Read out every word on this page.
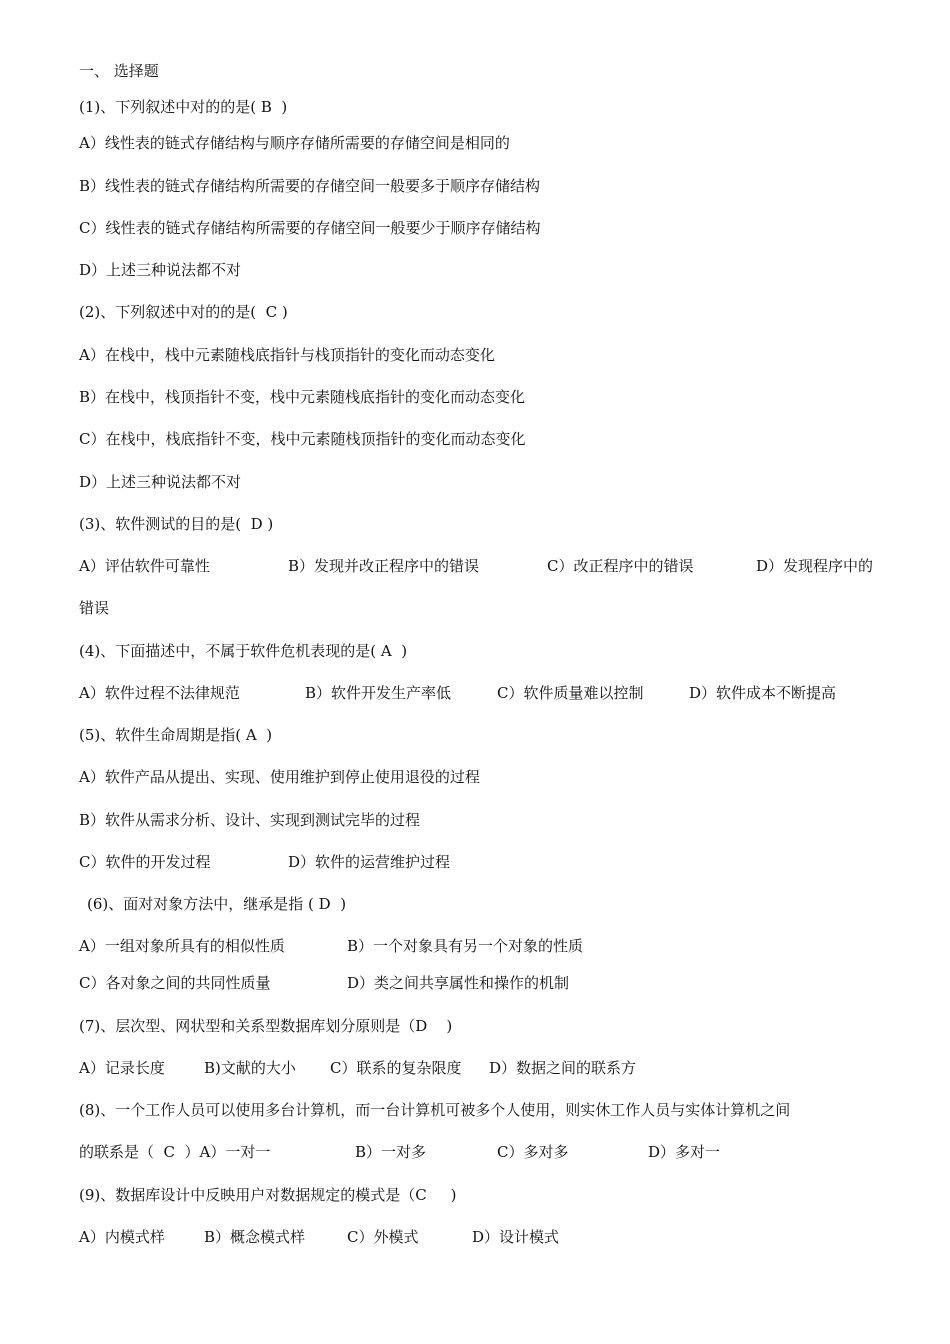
一、 选择题
(1)、下列叙述中对的的是( B  )
A）线性表的链式存储结构与顺序存储所需要的存储空间是相同的
B）线性表的链式存储结构所需要的存储空间一般要多于顺序存储结构
C）线性表的链式存储结构所需要的存储空间一般要少于顺序存储结构
D）上述三种说法都不对
(2)、下列叙述中对的的是(  C )
A）在栈中，栈中元素随栈底指针与栈顶指针的变化而动态变化
B）在栈中，栈顶指针不变，栈中元素随栈底指针的变化而动态变化
C）在栈中，栈底指针不变，栈中元素随栈顶指针的变化而动态变化
D）上述三种说法都不对
(3)、软件测试的目的是(  D )
A）评估软件可靠性	B）发现并改正程序中的错误	C）改正程序中的错误	D）发现程序中的
错误
(4)、下面描述中，不属于软件危机表现的是( A  )
A）软件过程不法律规范	B）软件开发生产率低	C）软件质量难以控制	D）软件成本不断提高
(5)、软件生命周期是指( A  )
A）软件产品从提出、实现、使用维护到停止使用退役的过程
B）软件从需求分析、设计、实现到测试完毕的过程
C）软件的开发过程	D）软件的运营维护过程
(6)、面对对象方法中，继承是指 ( D  )
A）一组对象所具有的相似性质	B）一个对象具有另一个对象的性质
C）各对象之间的共同性质量	D）类之间共享属性和操作的机制
(7)、层次型、网状型和关系型数据库划分原则是（D    )
A）记录长度	B)文献的大小 C）联系的复杂限度 D）数据之间的联系方
(8)、一个工作人员可以使用多台计算机，而一台计算机可被多个人使用，则实休工作人员与实体计算机之间
的联系是（  C  ）A）一对一	B）一对多	C）多对多	D）多对一
(9)、数据库设计中反映用户对数据规定的模式是（C     )
A）内模式样	B）概念模式样	C）外模式	D）设计模式
